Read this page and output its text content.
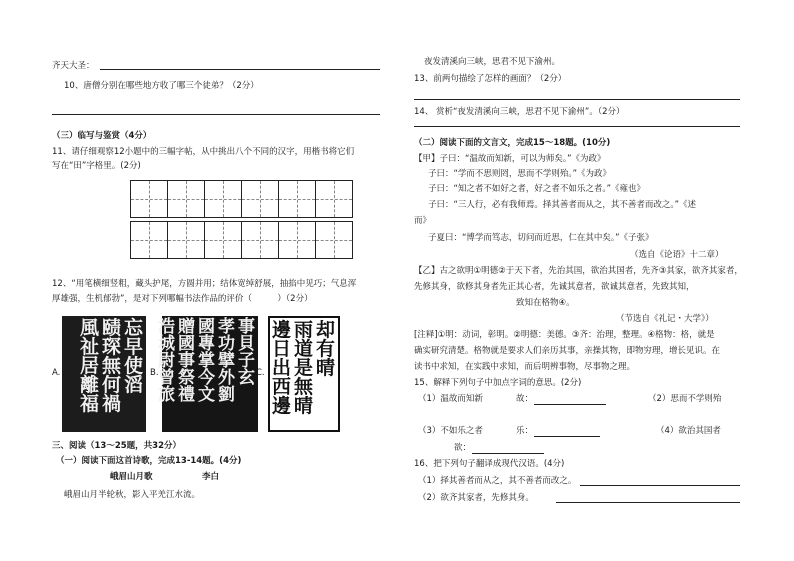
齐天大圣：
10、唐僧分别在哪些地方收了哪三个徒弟？（2分）
（三）临写与鉴赏（4分）
11、请仔细观察12小题中的三幅字帖，从中挑出八个不同的汉字，用楷书将它们
写在“田”字格里。(2分)
12、“用笔横细竖粗，藏头护尾，方圆并用；结体宽绰舒展，抽掐中见巧；气息浑
厚雄强，生机郁勃”，是对下列哪幅书法作品的评价（　　　）（2分）
A.
忘
早
使
滔
赜
琛
無
何
禍
風
祉
居
離
福
B.
事
貝
子
玄
孝
功
擘
外
劉
國
專
掌
今
文
贈
國
事
祭
禮
浩
城
尉
曾
旅
C.
却
有
晴
雨
道
是
無
晴
邊
日
出
西
邊
三、阅读（13～25题，共32分）
（一）阅读下面这首诗歌，完成13-14题。(4分)
峨眉山月歌	李白
峨眉山月半轮秋，影入平羌江水流。
夜发清溪向三峡，思君不见下渝州。
13、前两句描绘了怎样的画面？（2分）
14、 赏析“夜发清溪向三峡，思君不见下渝州”。（2分）
（二）阅读下面的文言文，完成15～18题。(10分)
【甲】子曰：“温故而知新，可以为师矣。”《为政》
子曰：“学而不思则罔，思而不学则殆。”《为政》
子曰：“知之者不如好之者，好之者不如乐之者。”《雍也》
子曰：“三人行，必有我师焉。择其善者而从之，其不善者而改之。”《述
而》
子夏曰：“博学而笃志，切问而近思，仁在其中矣。”《子张》
（选自《论语》十二章）
【乙】古之欲明①明德②于天下者，先治其国，欲治其国者，先齐③其家，欲齐其家者，
先修其身，欲修其身者先正其心者，先诚其意者，欲诚其意者，先致其知，
致知在格物④。
（节选自《礼记・大学》）
[注释]①明：动词，彰明。②明德：美德。③齐：治理，整理。④格物：格，就是
确实研究清楚。格物就是要求人们亲历其事，亲操其物，即物穷理，增长见识。在
读书中求知，在实践中求知，而后明辨事物，尽事物之理。
15、解释下列句子中加点字词的意思。(2分)
（1）温故而知新	故：	（2）思而不学则殆
（3）不如乐之者	乐：	（4）欲治其国者
欲：
16、把下列句子翻译成现代汉语。(4分)
（1）择其善者而从之，其不善者而改之。
（2）欲齐其家者，先修其身。
